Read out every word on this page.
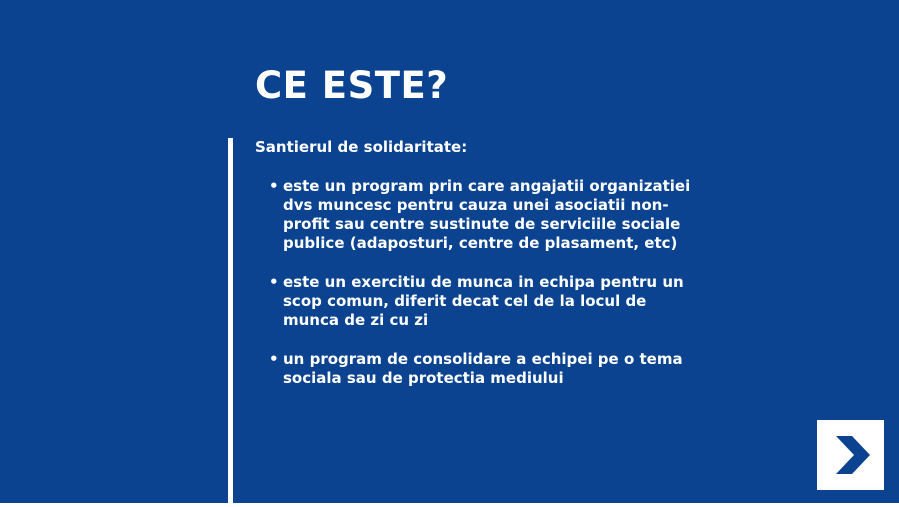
CE ESTE?

Santierul de solidaritate:

• este un program prin care angajatii organizatiei
dvs muncesc pentru cauza unei asociatii non-
profit sau centre sustinute de serviciile sociale
publice (adaposturi, centre de plasament, etc)
• este un exercitiu de munca in echipa pentru un
scop comun, diferit decat cel de la locul de
munca de zi cu zi
• un program de consolidare a echipei pe o tema
sociala sau de protectia mediului
